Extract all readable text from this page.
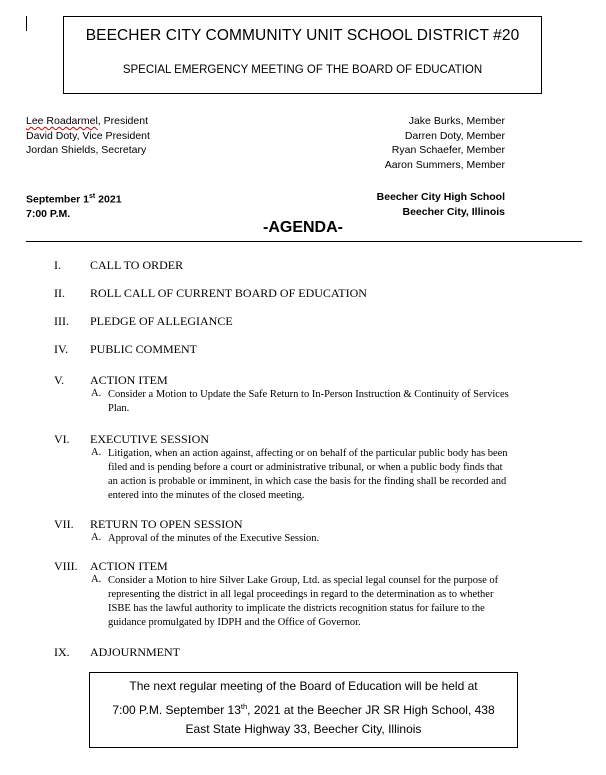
BEECHER CITY COMMUNITY UNIT SCHOOL DISTRICT #20
SPECIAL EMERGENCY MEETING OF THE BOARD OF EDUCATION
Lee Roadarmel, President
David Doty, Vice President
Jordan Shields, Secretary
Jake Burks, Member
Darren Doty, Member
Ryan Schaefer, Member
Aaron Summers, Member
September 1st 2021
7:00 P.M.
Beecher City High School
Beecher City, Illinois
-AGENDA-
I. CALL TO ORDER
II. ROLL CALL OF CURRENT BOARD OF EDUCATION
III. PLEDGE OF ALLEGIANCE
IV. PUBLIC COMMENT
V. ACTION ITEM
A. Consider a Motion to Update the Safe Return to In-Person Instruction & Continuity of Services
Plan.
VI. EXECUTIVE SESSION
A. Litigation, when an action against, affecting or on behalf of the particular public body has been
filed and is pending before a court or administrative tribunal, or when a public body finds that
an action is probable or imminent, in which case the basis for the finding shall be recorded and
entered into the minutes of the closed meeting.
VII. RETURN TO OPEN SESSION
A. Approval of the minutes of the Executive Session.
VIII. ACTION ITEM
A. Consider a Motion to hire Silver Lake Group, Ltd. as special legal counsel for the purpose of
representing the district in all legal proceedings in regard to the determination as to whether
ISBE has the lawful authority to implicate the districts recognition status for failure to the
guidance promulgated by IDPH and the Office of Governor.
IX. ADJOURNMENT
The next regular meeting of the Board of Education will be held at
7:00 P.M. September 13th, 2021 at the Beecher JR SR High School, 438
East State Highway 33, Beecher City, Illinois
